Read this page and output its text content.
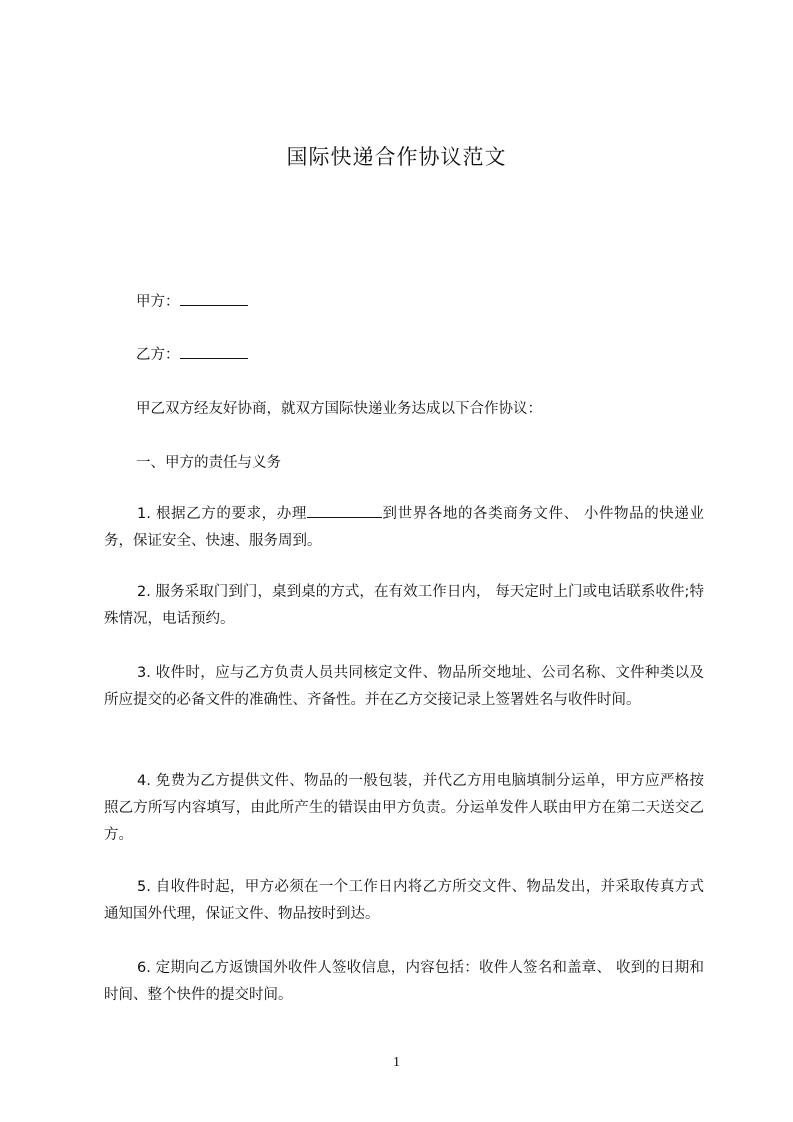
国际快递合作协议范文
甲方：
乙方：
甲乙双方经友好协商，就双方国际快递业务达成以下合作协议：
一、甲方的责任与义务
1. 根据乙方的要求，办理	到世界各地的各类商务文件、 小件物品的快递业务，保证安全、快速、服务周到。
2. 服务采取门到门，桌到桌的方式，在有效工作日内， 每天定时上门或电话联系收件;特殊情况，电话预约。
3. 收件时，应与乙方负责人员共同核定文件、物品所交地址、公司名称、文件种类以及所应提交的必备文件的准确性、齐备性。并在乙方交接记录上签署姓名与收件时间。
4. 免费为乙方提供文件、物品的一般包装，并代乙方用电脑填制分运单，甲方应严格按照乙方所写内容填写，由此所产生的错误由甲方负责。分运单发件人联由甲方在第二天送交乙方。
5. 自收件时起，甲方必须在一个工作日内将乙方所交文件、物品发出，并采取传真方式通知国外代理，保证文件、物品按时到达。
6. 定期向乙方返馈国外收件人签收信息，内容包括：收件人签名和盖章、 收到的日期和时间、整个快件的提交时间。
1
